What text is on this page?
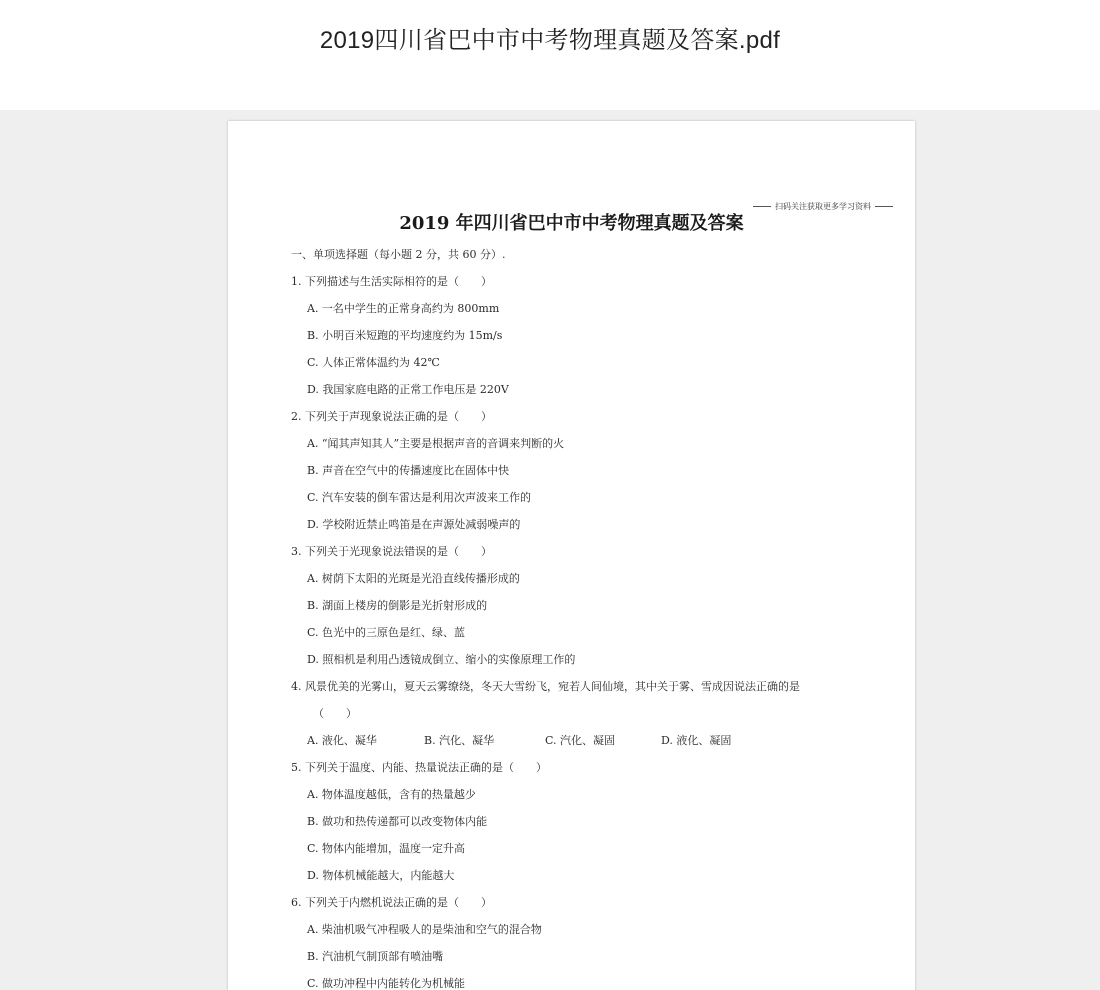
2019四川省巴中市中考物理真题及答案.pdf
扫码关注获取更多学习资料
2019 年四川省巴中市中考物理真题及答案
一、单项选择题（每小题 2 分，共 60 分）.
1. 下列描述与生活实际相符的是（　　）
A. 一名中学生的正常身高约为 800mm
B. 小明百米短跑的平均速度约为 15m/s
C. 人体正常体温约为 42℃
D. 我国家庭电路的正常工作电压是 220V
2. 下列关于声现象说法正确的是（　　）
A. “闻其声知其人”主要是根据声音的音调来判断的火
B. 声音在空气中的传播速度比在固体中快
C. 汽车安装的倒车雷达是利用次声波来工作的
D. 学校附近禁止鸣笛是在声源处减弱噪声的
3. 下列关于光现象说法错误的是（　　）
A. 树荫下太阳的光斑是光沿直线传播形成的
B. 湖面上楼房的倒影是光折射形成的
C. 色光中的三原色是红、绿、蓝
D. 照相机是利用凸透镜成倒立、缩小的实像原理工作的
4. 风景优美的光雾山，夏天云雾缭绕，冬天大雪纷飞，宛若人间仙境，其中关于雾、雪成因说法正确的是
（　　）
A. 液化、凝华	B. 汽化、凝华	C. 汽化、凝固	D. 液化、凝固
5. 下列关于温度、内能、热量说法正确的是（　　）
A. 物体温度越低，含有的热量越少
B. 做功和热传递都可以改变物体内能
C. 物体内能增加，温度一定升高
D. 物体机械能越大，内能越大
6. 下列关于内燃机说法正确的是（　　）
A. 柴油机吸气冲程吸人的是柴油和空气的混合物
B. 汽油机气制顶部有喷油嘴
C. 做功冲程中内能转化为机械能
